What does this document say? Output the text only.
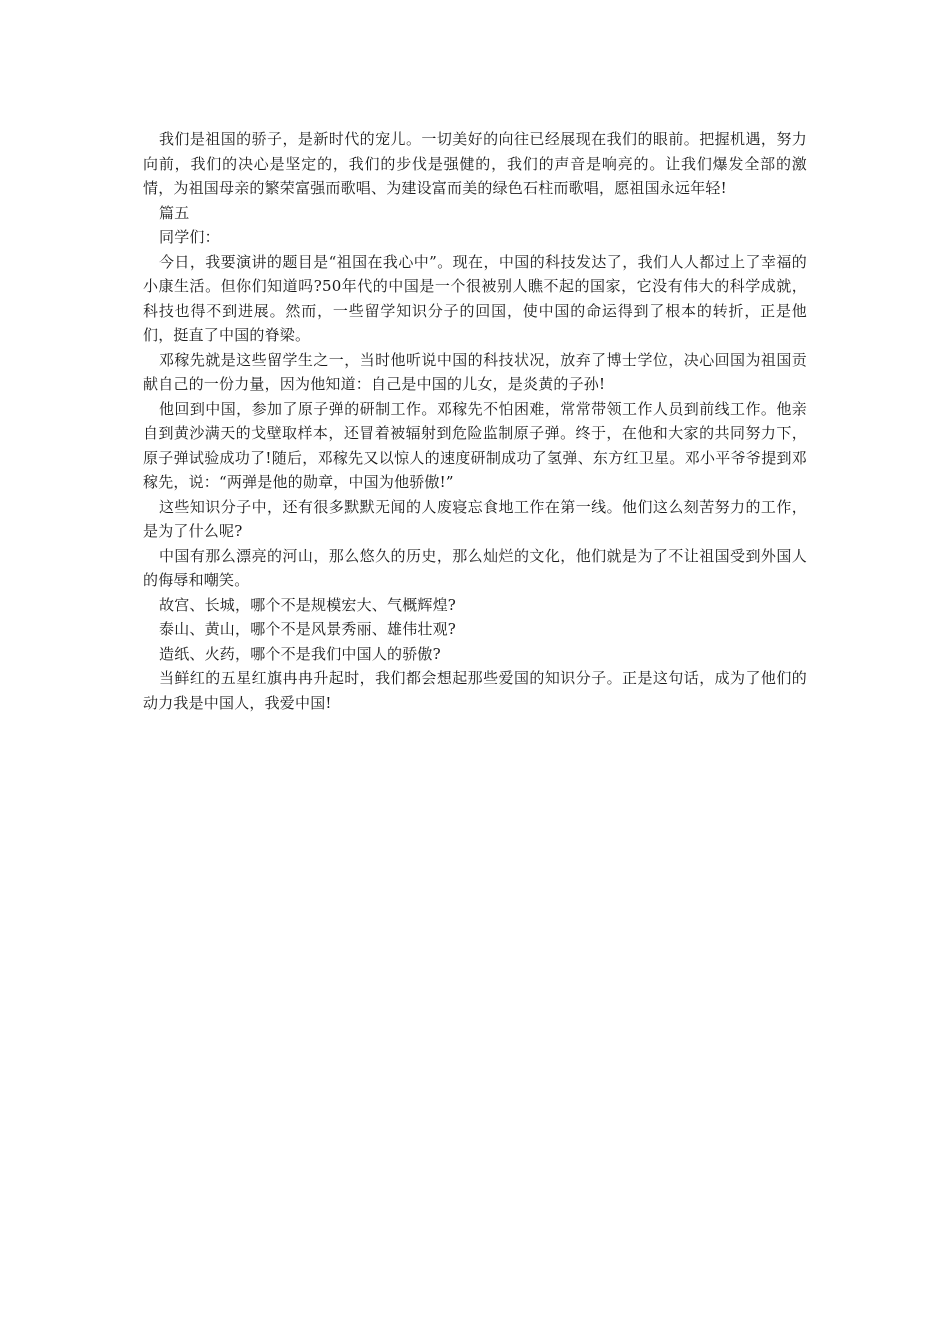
我们是祖国的骄子，是新时代的宠儿。一切美好的向往已经展现在我们的眼前。把握机遇，努力向前，我们的决心是坚定的，我们的步伐是强健的，我们的声音是响亮的。让我们爆发全部的激情，为祖国母亲的繁荣富强而歌唱、为建设富而美的绿色石柱而歌唱，愿祖国永远年轻!

篇五

同学们：

今日，我要演讲的题目是“祖国在我心中”。现在，中国的科技发达了，我们人人都过上了幸福的小康生活。但你们知道吗?50年代的中国是一个很被别人瞧不起的国家，它没有伟大的科学成就，科技也得不到进展。然而，一些留学知识分子的回国，使中国的命运得到了根本的转折，正是他们，挺直了中国的脊梁。

邓稼先就是这些留学生之一，当时他听说中国的科技状况，放弃了博士学位，决心回国为祖国贡献自己的一份力量，因为他知道：自己是中国的儿女，是炎黄的子孙!

他回到中国，参加了原子弹的研制工作。邓稼先不怕困难，常常带领工作人员到前线工作。他亲自到黄沙满天的戈壁取样本，还冒着被辐射到危险监制原子弹。终于，在他和大家的共同努力下，原子弹试验成功了!随后，邓稼先又以惊人的速度研制成功了氢弹、东方红卫星。邓小平爷爷提到邓稼先，说：“两弹是他的勋章，中国为他骄傲!”

这些知识分子中，还有很多默默无闻的人废寝忘食地工作在第一线。他们这么刻苦努力的工作，是为了什么呢?

中国有那么漂亮的河山，那么悠久的历史，那么灿烂的文化，他们就是为了不让祖国受到外国人的侮辱和嘲笑。

故宫、长城，哪个不是规模宏大、气概辉煌?

泰山、黄山，哪个不是风景秀丽、雄伟壮观?

造纸、火药，哪个不是我们中国人的骄傲?

当鲜红的五星红旗冉冉升起时，我们都会想起那些爱国的知识分子。正是这句话，成为了他们的动力我是中国人，我爱中国!
